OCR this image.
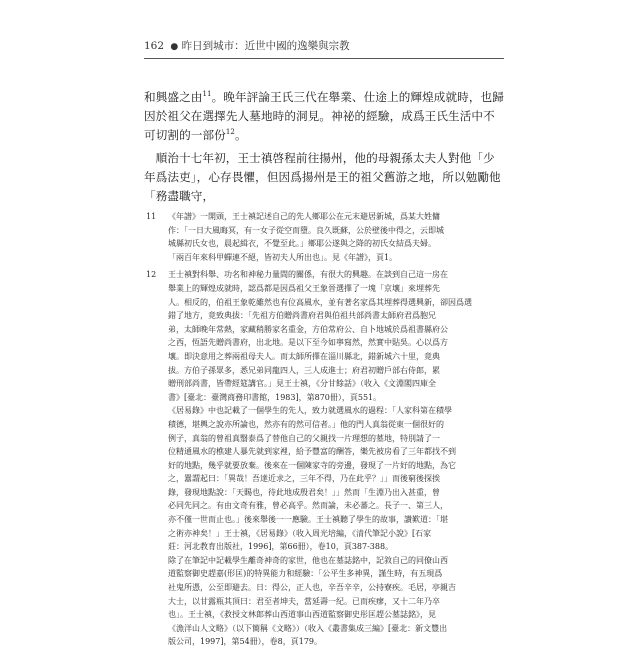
162 ● 昨日到城市：近世中國的逸樂與宗教

和興盛之由$^{11}$。晚年評論王氏三代在舉業、仕途上的輝煌成就時，也歸因於祖父在選擇先人墓地時的洞見。神祕的經驗，成爲王氏生活中不可切割的一部份$^{12}$。

順治十七年初，王士禛啓程前往揚州，他的母親孫太夫人對他「少年爲法吏」，心存畏懼，但因爲揚州是王的祖父舊游之地，所以勉勵他「務盡職守，

11	《年譜》一開頭，王士禛記述自己的先人鄉耶公在元末避居新城，爲某大姓傭
作：「一日大風晦冥，有一女子從空而墮。良久既蘇，公於壁後中得之，云即城
城縣初氏女也，晨起緝衣，不覺至此。」鄉耶公遂與之降的初氏女結爲夫婦。
「兩百年來科甲蟬連不絕，皆初夫人所出也」。見《年譜》，頁1。
12	王士禛對科舉、功名和神秘力量間的關係，有很大的興趣。在談到自己這一房在
舉業上的輝煌成就時，認爲都是因爲祖父王象晉選擇了一塊「京壤」來埋葬先
人。相反的，伯祖王象乾雖然也有位高風水，並有著名家爲其埋葬得選興新，卻因爲選
錯了地方，竟致典拔：「先祖方伯贈尚書府君與伯祖共部尚書太師府君爲胞兄
弟，太師晚年常熱，家藏稍勝家名重金，方伯常府公、自卜地城於爲祖書縣府公
之西，恆語先贈尚書府，出北地。是以下至今如寧寫然，然實中貼吳。心以爲方
壤。即決意用之葬兩祖母夫人。而太師所擇在淄川縣北，錯新城六十里，竟典
拔。方伯子孫眾多，悉兄弟同龍四人，三人成進士；府君初贈戶部右侍郎，累
贈刑部尚書，皆帶經筵講官。」見王士禛，《分甘餘話》（收入《文淵閣四庫全
書》[臺北：臺灣商務印書館，1983]，第870冊），頁551。
《居易錄》中也記載了一個學生的先人，致力就選風水的過程：「人家科第在積學
積德，堪輿之說亦所論也，然亦有的然可信者。」他的門人真翁從東一個很好的
例子，真翁的曾祖真翳泰爲了替他自己的父親找一片理想的墓地，特別請了一
位精通風水的樵建人暴先就到家裡，給予豐富的酬答，樂先被房看了三年都找不到
好的地點，幾乎就要放棄。後來在一個陳家寺的旁邊，發現了一片好的地點，為它
之，囂謂起曰：「異哉！吾達近求之，三年不得，乃在此乎？」」而後窮後探挨
錄，發現地點說：「天賜也，待此地成殷君矣！」」然而「生淵乃出入甚重，曾
必同先同之。有由文奇有雅，曾必高乎。然而論，未必蕃之。長子一、第三人，
亦不僅一世而止也。」後來舉後一一應驗。王士禛聽了學生的故事，讚歎道：「堪
之術亦神矣！」王士禛，《居易錄》（收入周光培編，《清代筆記小說》[石家
莊：河北教育出版社，1996]，第66冊），卷10，頁387-388。
除了在筆記中記載學生離奇神奇的家世，他也在墓誌銘中，記敘自己的同僚山西
道監察御史趕嘉(形匡)的特異能力和經驗：「公平生多神異，謹生時，有五現爲
社鬼所憑，公至即避去。日：得公，正人也，辛吾辛辛，公持寮疾。毛居，亭親吉
大士，以甘露瓶其頂曰：君至者坤夫，當延壽一紀。已而疾瘳，又十二年乃卒
也」。王士禛，《救授文林郎葬山西道事山西道監察御史彤匡趕公墓誌銘》，見
《漁洋山人文略》（以下簡稱《文略》）（收入《叢書集成三編》[臺北：新文豐出
版公司，1997]，第54冊），卷8，頁179。
